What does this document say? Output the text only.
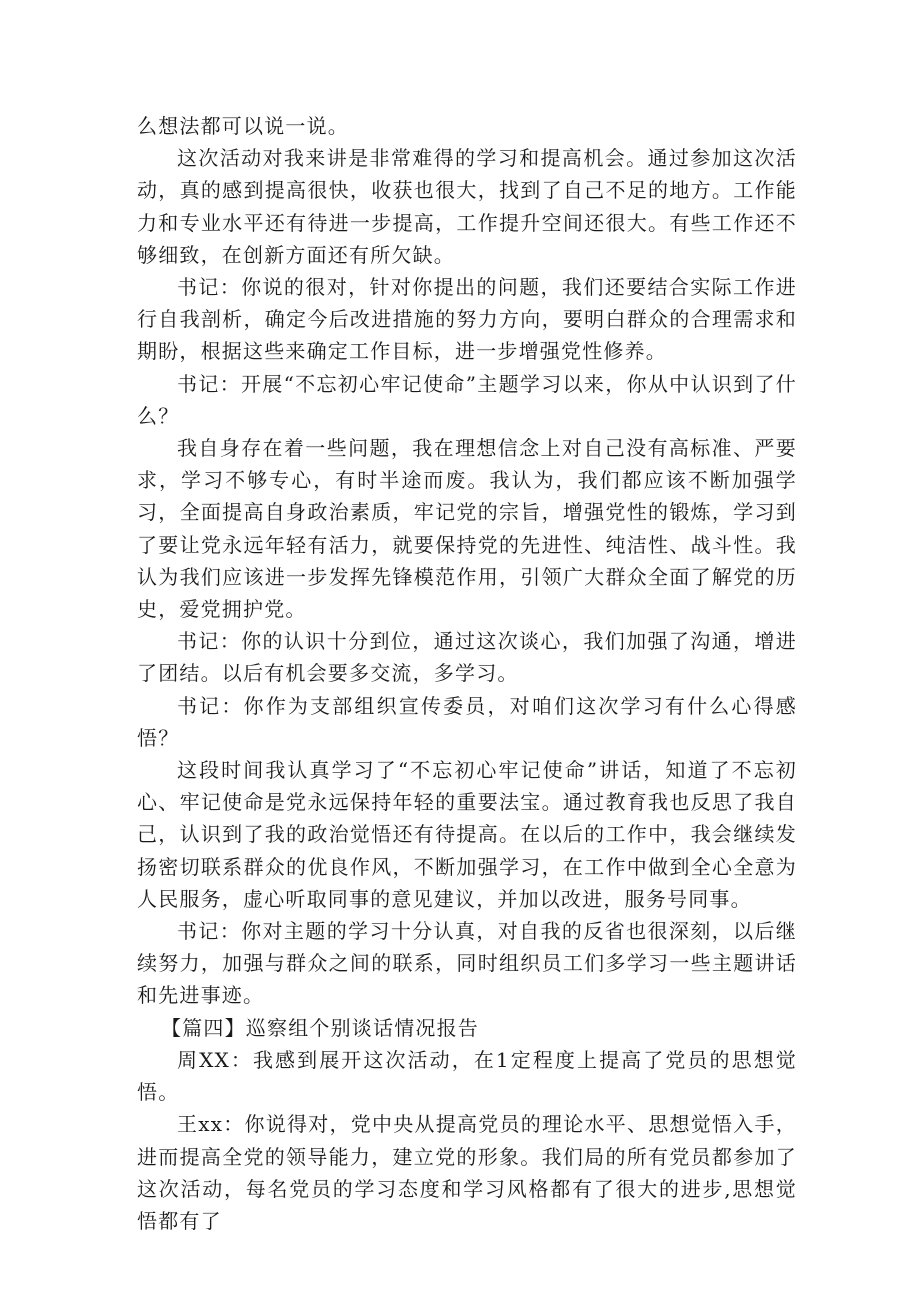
么想法都可以说一说。

这次活动对我来讲是非常难得的学习和提高机会。通过参加这次活动，真的感到提高很快，收获也很大，找到了自己不足的地方。工作能力和专业水平还有待进一步提高，工作提升空间还很大。有些工作还不够细致，在创新方面还有所欠缺。

书记：你说的很对，针对你提出的问题，我们还要结合实际工作进行自我剖析，确定今后改进措施的努力方向，要明白群众的合理需求和期盼，根据这些来确定工作目标，进一步增强党性修养。

书记：开展“不忘初心牢记使命”主题学习以来，你从中认识到了什么？

我自身存在着一些问题，我在理想信念上对自己没有高标准、严要求，学习不够专心，有时半途而废。我认为，我们都应该不断加强学习，全面提高自身政治素质，牢记党的宗旨，增强党性的锻炼，学习到了要让党永远年轻有活力，就要保持党的先进性、纯洁性、战斗性。我认为我们应该进一步发挥先锋模范作用，引领广大群众全面了解党的历史，爱党拥护党。

书记：你的认识十分到位，通过这次谈心，我们加强了沟通，增进了团结。以后有机会要多交流，多学习。

书记：你作为支部组织宣传委员，对咱们这次学习有什么心得感悟？

这段时间我认真学习了“不忘初心牢记使命”讲话，知道了不忘初心、牢记使命是党永远保持年轻的重要法宝。通过教育我也反思了我自己，认识到了我的政治觉悟还有待提高。在以后的工作中，我会继续发扬密切联系群众的优良作风，不断加强学习，在工作中做到全心全意为人民服务，虚心听取同事的意见建议，并加以改进，服务号同事。

书记：你对主题的学习十分认真，对自我的反省也很深刻，以后继续努力，加强与群众之间的联系，同时组织员工们多学习一些主题讲话和先进事迹。

【篇四】巡察组个别谈话情况报告

周XX：我感到展开这次活动，在1定程度上提高了党员的思想觉悟。

王xx：你说得对，党中央从提高党员的理论水平、思想觉悟入手，进而提高全党的领导能力，建立党的形象。我们局的所有党员都参加了这次活动，每名党员的学习态度和学习风格都有了很大的进步,思想觉悟都有了
